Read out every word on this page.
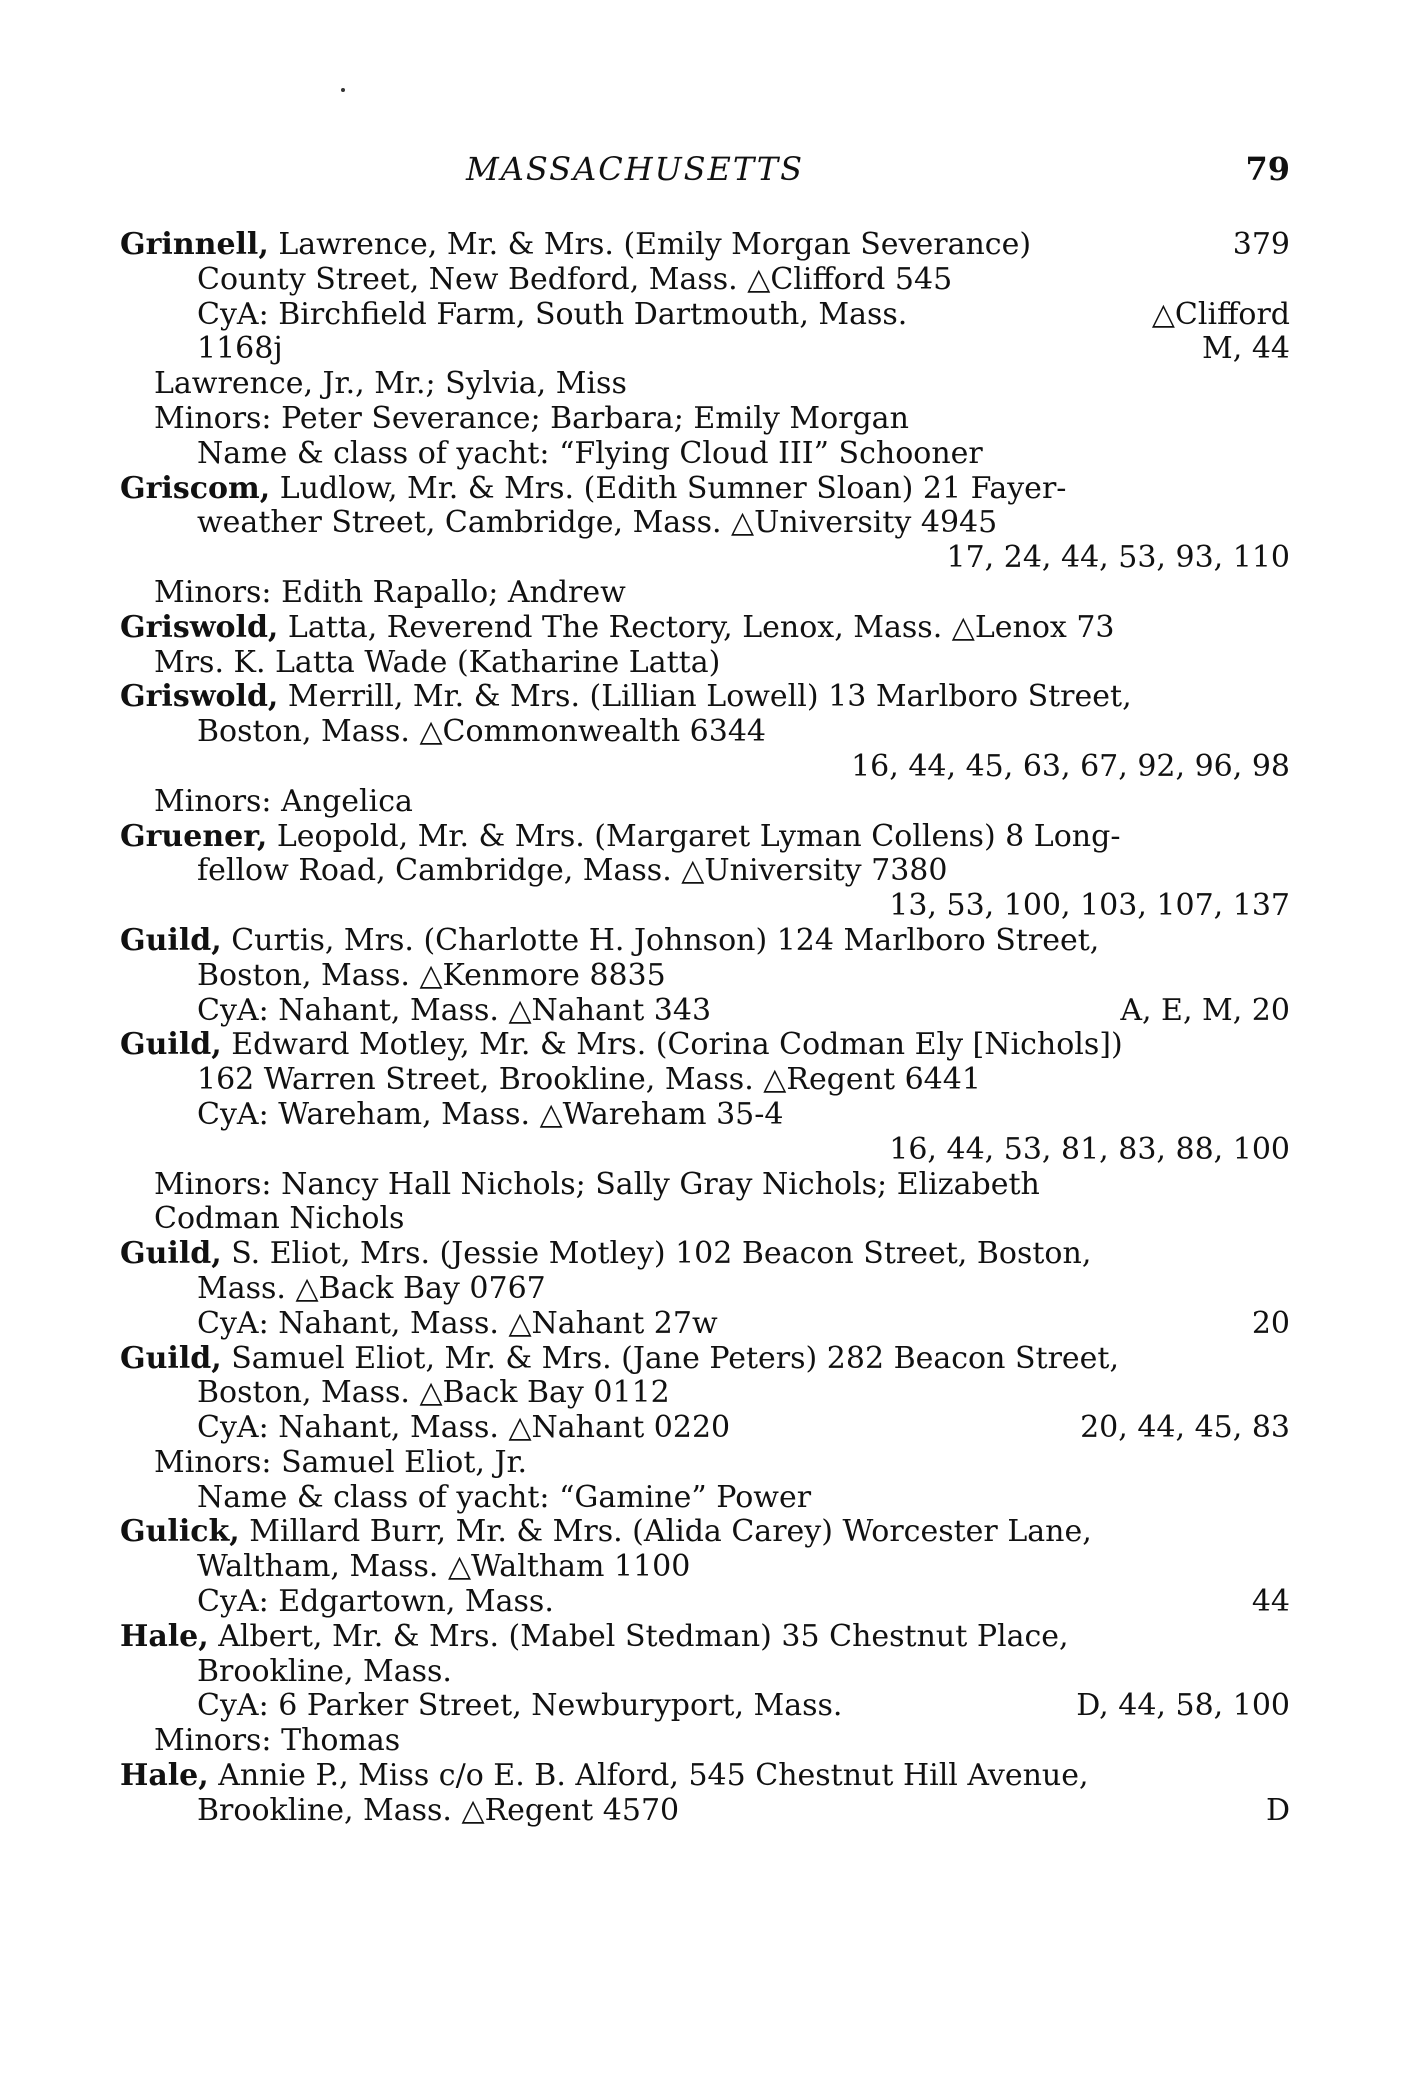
MASSACHUSETTS	79
Grinnell, Lawrence, Mr. & Mrs. (Emily Morgan Severance)	379
County Street, New Bedford, Mass. △Clifford 545
CyA: Birchfield Farm, South Dartmouth, Mass.	△Clifford
1168j	M, 44
Lawrence, Jr., Mr.; Sylvia, Miss
Minors: Peter Severance; Barbara; Emily Morgan
Name & class of yacht: “Flying Cloud III” Schooner
Griscom, Ludlow, Mr. & Mrs. (Edith Sumner Sloan) 21 Fayer-
weather Street, Cambridge, Mass. △University 4945
17, 24, 44, 53, 93, 110
Minors: Edith Rapallo; Andrew
Griswold, Latta, Reverend The Rectory, Lenox, Mass. △Lenox 73
Mrs. K. Latta Wade (Katharine Latta)
Griswold, Merrill, Mr. & Mrs. (Lillian Lowell) 13 Marlboro Street,
Boston, Mass. △Commonwealth 6344
16, 44, 45, 63, 67, 92, 96, 98
Minors: Angelica
Gruener, Leopold, Mr. & Mrs. (Margaret Lyman Collens) 8 Long-
fellow Road, Cambridge, Mass. △University 7380
13, 53, 100, 103, 107, 137
Guild, Curtis, Mrs. (Charlotte H. Johnson) 124 Marlboro Street,
Boston, Mass. △Kenmore 8835
CyA: Nahant, Mass. △Nahant 343	A, E, M, 20
Guild, Edward Motley, Mr. & Mrs. (Corina Codman Ely [Nichols])
162 Warren Street, Brookline, Mass. △Regent 6441
CyA: Wareham, Mass. △Wareham 35-4
16, 44, 53, 81, 83, 88, 100
Minors: Nancy Hall Nichols; Sally Gray Nichols; Elizabeth
Codman Nichols
Guild, S. Eliot, Mrs. (Jessie Motley) 102 Beacon Street, Boston,
Mass. △Back Bay 0767
CyA: Nahant, Mass. △Nahant 27w	20
Guild, Samuel Eliot, Mr. & Mrs. (Jane Peters) 282 Beacon Street,
Boston, Mass. △Back Bay 0112
CyA: Nahant, Mass. △Nahant 0220	20, 44, 45, 83
Minors: Samuel Eliot, Jr.
Name & class of yacht: “Gamine” Power
Gulick, Millard Burr, Mr. & Mrs. (Alida Carey) Worcester Lane,
Waltham, Mass. △Waltham 1100
CyA: Edgartown, Mass.	44
Hale, Albert, Mr. & Mrs. (Mabel Stedman) 35 Chestnut Place,
Brookline, Mass.
CyA: 6 Parker Street, Newburyport, Mass.	D, 44, 58, 100
Minors: Thomas
Hale, Annie P., Miss c/o E. B. Alford, 545 Chestnut Hill Avenue,
Brookline, Mass. △Regent 4570	D
